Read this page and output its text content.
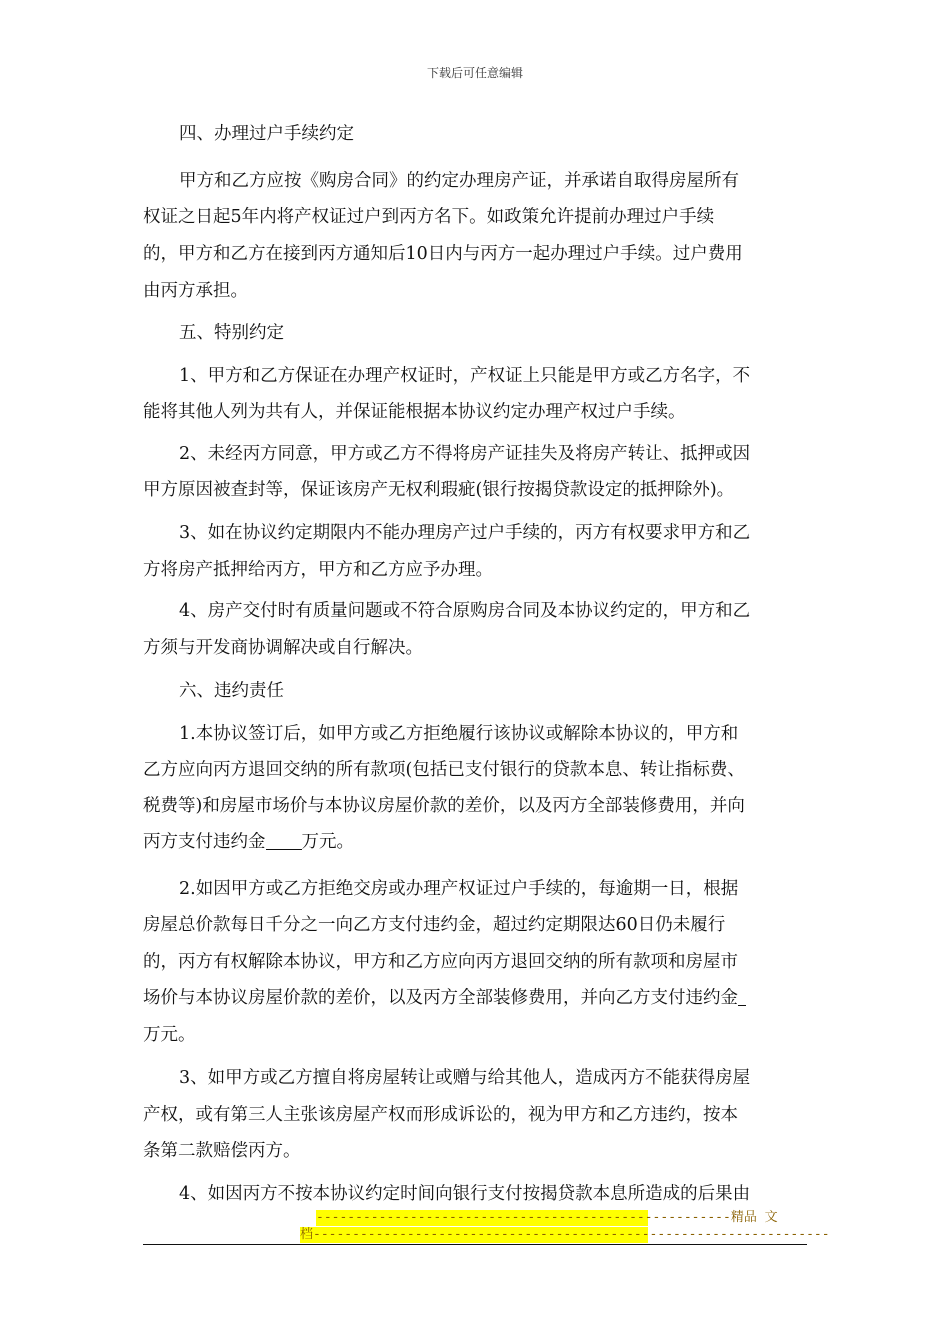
下载后可任意编辑
四、办理过户手续约定
甲方和乙方应按《购房合同》的约定办理房产证，并承诺自取得房屋所有
权证之日起5年内将产权证过户到丙方名下。如政策允许提前办理过户手续
的，甲方和乙方在接到丙方通知后10日内与丙方一起办理过户手续。过户费用
由丙方承担。
五、特别约定
1、甲方和乙方保证在办理产权证时，产权证上只能是甲方或乙方名字，不
能将其他人列为共有人，并保证能根据本协议约定办理产权过户手续。
2、未经丙方同意，甲方或乙方不得将房产证挂失及将房产转让、抵押或因
甲方原因被查封等，保证该房产无权利瑕疵(银行按揭贷款设定的抵押除外)。
3、如在协议约定期限内不能办理房产过户手续的，丙方有权要求甲方和乙
方将房产抵押给丙方，甲方和乙方应予办理。
4、房产交付时有质量问题或不符合原购房合同及本协议约定的，甲方和乙
方须与开发商协调解决或自行解决。
六、违约责任
1.本协议签订后，如甲方或乙方拒绝履行该协议或解除本协议的，甲方和
乙方应向丙方退回交纳的所有款项(包括已支付银行的贷款本息、转让指标费、
税费等)和房屋市场价与本协议房屋价款的差价，以及丙方全部装修费用，并向
丙方支付违约金 万元。
2.如因甲方或乙方拒绝交房或办理产权证过户手续的，每逾期一日，根据
房屋总价款每日千分之一向乙方支付违约金，超过约定期限达60日仍未履行
的，丙方有权解除本协议，甲方和乙方应向丙方退回交纳的所有款项和房屋市
场价与本协议房屋价款的差价，以及丙方全部装修费用，并向乙方支付违约金
万元。
3、如甲方或乙方擅自将房屋转让或赠与给其他人，造成丙方不能获得房屋
产权，或有第三人主张该房屋产权而形成诉讼的，视为甲方和乙方违约，按本
条第二款赔偿丙方。
4、如因丙方不按本协议约定时间向银行支付按揭贷款本息所造成的后果由
-----------------------------------------------------精品 文
档------------------------------------------------------------------
